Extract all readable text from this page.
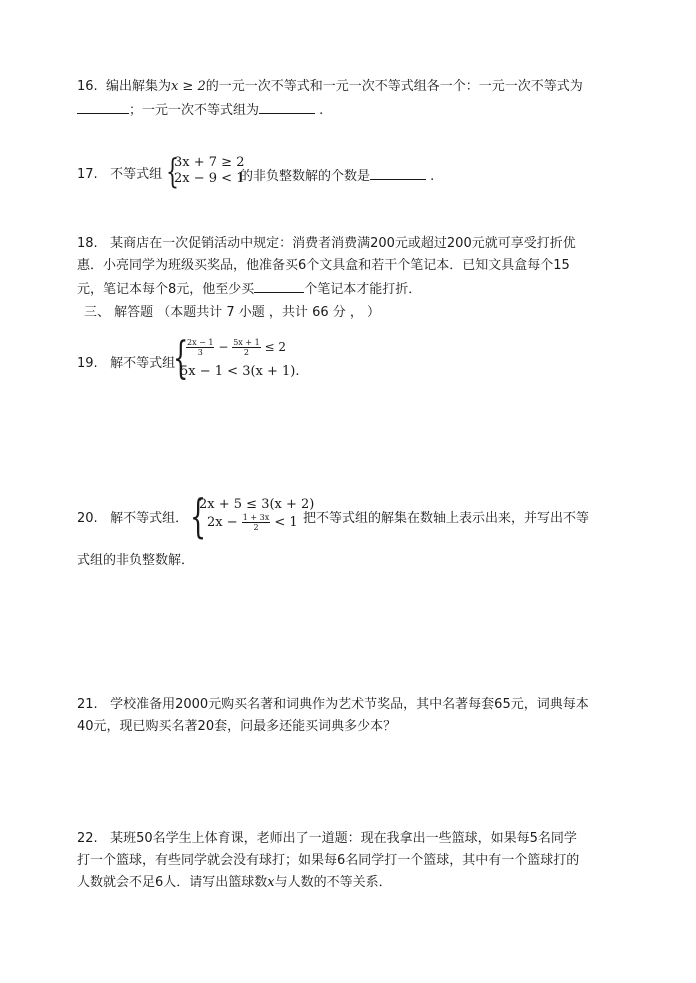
16. 编出解集为x ≥ 2的一元一次不等式和一元一次不等式组各一个：一元一次不等式为
；一元一次不等式组为	.
17. 不等式组 {
3x + 7 ≥ 2
2x − 9 < 1
的非负整数解的个数是	.
18. 某商店在一次促销活动中规定：消费者消费满200元或超过200元就可享受打折优
惠．小亮同学为班级买奖品，他准备买6个文具盒和若干个笔记本．已知文具盒每个15
元，笔记本每个8元，他至少买	个笔记本才能打折．
三、 解答题 （本题共计 7 小题 ，共计 66 分 ， ）
19. 解不等式组
{
$\frac{2x - 1}{3} - \frac{5x + 1}{2} \le 2$
5x − 1 < 3(x + 1).
20. 解不等式组． {
2x + 5 ≤ 3(x + 2)
$2x - \frac{1 + 3x}{2} < 1$ 把不等式组的解集在数轴上表示出来，并写出不等
式组的非负整数解．
21. 学校准备用2000元购买名著和词典作为艺术节奖品，其中名著每套65元，词典每本
40元，现已购买名著20套，问最多还能买词典多少本？
22. 某班50名学生上体育课，老师出了一道题：现在我拿出一些篮球，如果每5名同学
打一个篮球，有些同学就会没有球打；如果每6名同学打一个篮球，其中有一个篮球打的
人数就会不足6人．请写出篮球数x与人数的不等关系．
